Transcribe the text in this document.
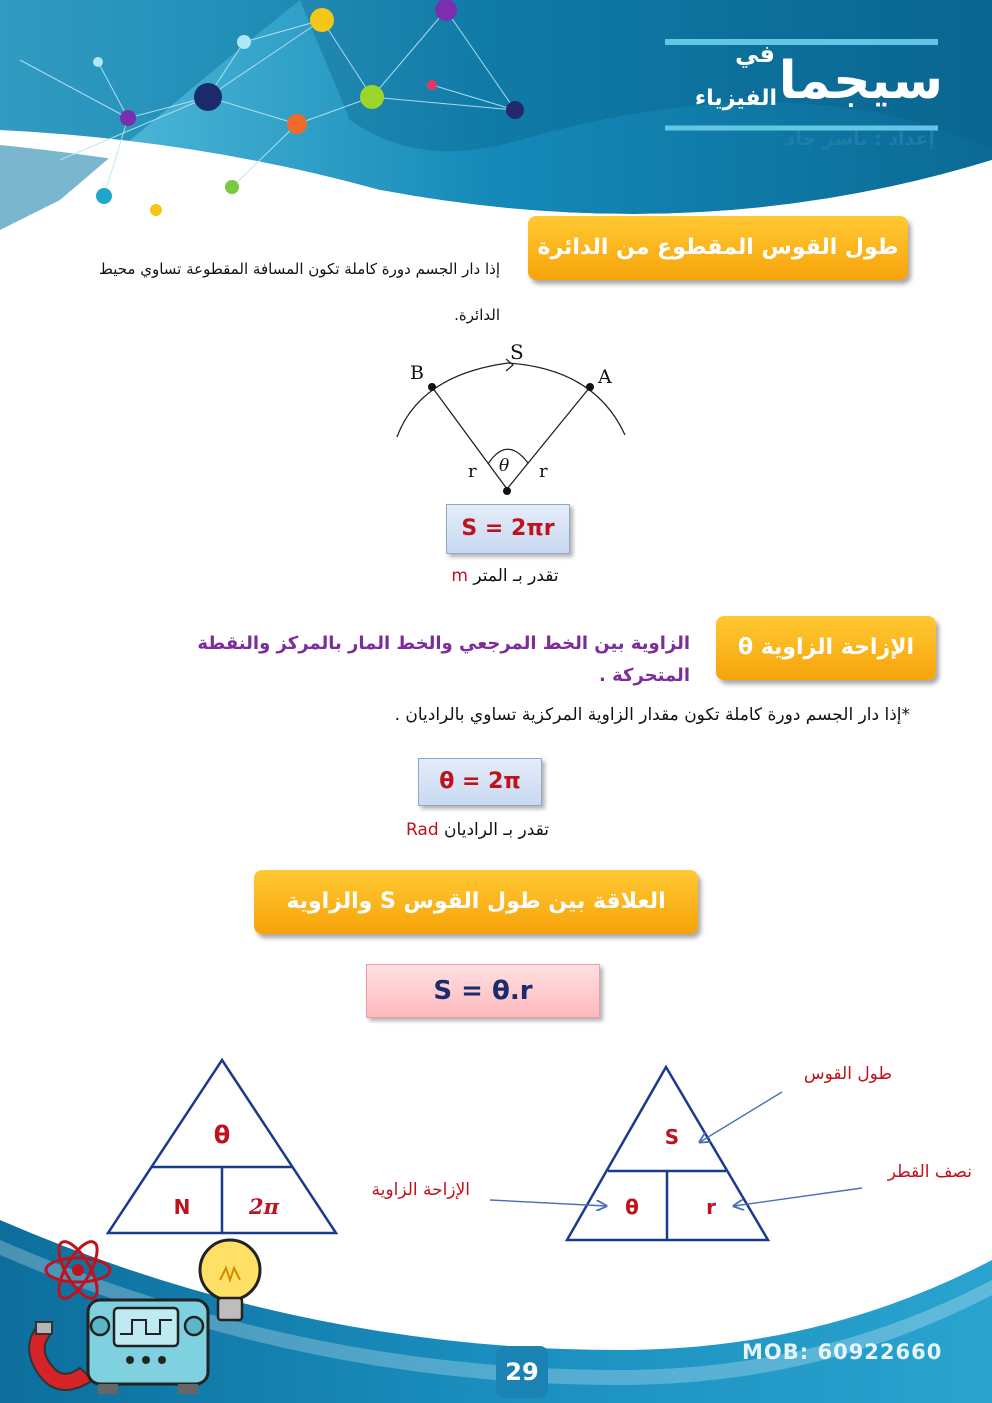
سيجما
في
الفيزياء
إعداد : ياسر جاد
طول القوس المقطوع من الدائرة S
إذا دار الجسم دورة كاملة تكون المسافة المقطوعة تساوي محيط الدائرة.
S
B	A
r	r
θ
S = 2πr
تقدر بـ المتر m
الإزاحة الزاوية θ
الزاوية بين الخط المرجعي والخط المار بالمركز والنقطة المتحركة .
*إذا دار الجسم دورة كاملة تكون مقدار الزاوية المركزية تساوي بالراديان .
θ = 2π
تقدر بـ الراديان Rad
العلاقة بين طول القوس S والزاوية
S = θ.r
θ
N	2π
S
θ	r
طول القوس
نصف القطر
الإزاحة الزاوية
29
MOB: 60922660
